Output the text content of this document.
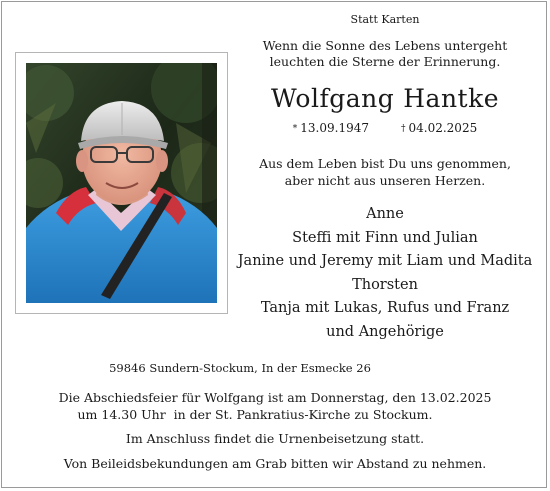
Statt Karten
Wenn die Sonne des Lebens untergeht
leuchten die Sterne der Erinnerung.
Wolfgang Hantke
* 13.09.1947	† 04.02.2025
Aus dem Leben bist Du uns genommen,
aber nicht aus unseren Herzen.
Anne
Steffi mit Finn und Julian
Janine und Jeremy mit Liam und Madita
Thorsten
Tanja mit Lukas, Rufus und Franz
und Angehörige
59846 Sundern-Stockum, In der Esmecke 26
Die Abschiedsfeier für Wolfgang ist am Donnerstag, den 13.02.2025
um 14.30 Uhr  in der St. Pankratius-Kirche zu Stockum.
Im Anschluss findet die Urnenbeisetzung statt.
Von Beileidsbekundungen am Grab bitten wir Abstand zu nehmen.
